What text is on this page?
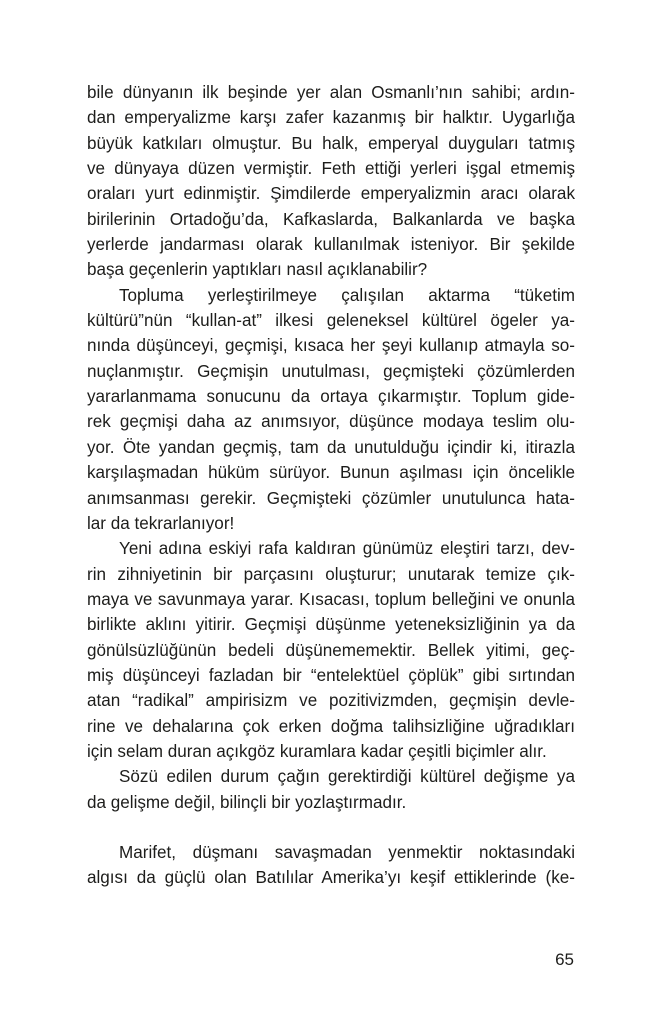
bile dünyanın ilk beşinde yer alan Osmanlı’nın sahibi; ardın-
dan emperyalizme karşı zafer kazanmış bir halktır. Uygarlığa
büyük katkıları olmuştur. Bu halk, emperyal duyguları tatmış
ve dünyaya düzen vermiştir. Feth ettiği yerleri işgal etmemiş
oraları yurt edinmiştir. Şimdilerde emperyalizmin aracı olarak
birilerinin Ortadoğu’da, Kafkaslarda, Balkanlarda ve başka
yerlerde jandarması olarak kullanılmak isteniyor. Bir şekilde
başa geçenlerin yaptıkları nasıl açıklanabilir?
Topluma yerleştirilmeye çalışılan aktarma “tüketim
kültürü”nün “kullan-at” ilkesi geleneksel kültürel ögeler ya-
nında düşünceyi, geçmişi, kısaca her şeyi kullanıp atmayla so-
nuçlanmıştır. Geçmişin unutulması, geçmişteki çözümlerden
yararlanmama sonucunu da ortaya çıkarmıştır. Toplum gide-
rek geçmişi daha az anımsıyor, düşünce modaya teslim olu-
yor. Öte yandan geçmiş, tam da unutulduğu içindir ki, itirazla
karşılaşmadan hüküm sürüyor. Bunun aşılması için öncelikle
anımsanması gerekir. Geçmişteki çözümler unutulunca hata-
lar da tekrarlanıyor!
Yeni adına eskiyi rafa kaldıran günümüz eleştiri tarzı, dev-
rin zihniyetinin bir parçasını oluşturur; unutarak temize çık-
maya ve savunmaya yarar. Kısacası, toplum belleğini ve onunla
birlikte aklını yitirir. Geçmişi düşünme yeteneksizliğinin ya da
gönülsüzlüğünün bedeli düşünememektir. Bellek yitimi, geç-
miş düşünceyi fazladan bir “entelektüel çöplük” gibi sırtından
atan “radikal” ampirisizm ve pozitivizmden, geçmişin devle-
rine ve dehalarına çok erken doğma talihsizliğine uğradıkları
için selam duran açıkgöz kuramlara kadar çeşitli biçimler alır.
Sözü edilen durum çağın gerektirdiği kültürel değişme ya
da gelişme değil, bilinçli bir yozlaştırmadır.
Marifet, düşmanı savaşmadan yenmektir noktasındaki
algısı da güçlü olan Batılılar Amerika’yı keşif ettiklerinde (ke-
65
